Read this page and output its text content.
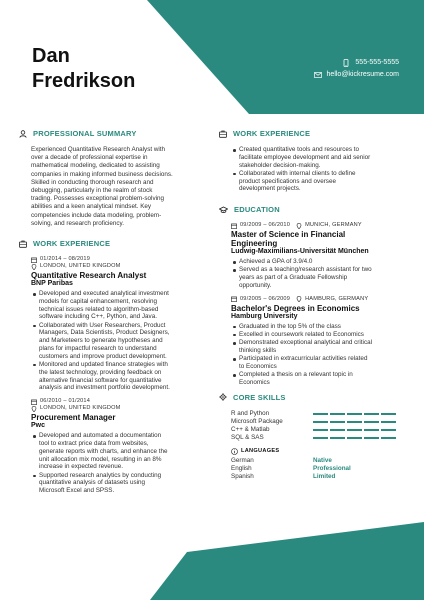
Dan
Fredrikson
555-555-5555
hello@kickresume.com
PROFESSIONAL SUMMARY

Experienced Quantitative Research Analyst with
over a decade of professional expertise in
mathematical modeling, dedicated to assisting
companies in making informed business decisions.
Skilled in conducting thorough research and
debugging, particularly in the realm of stock
trading. Possesses exceptional problem-solving
abilities and a keen analytical mindset. Key
competencies include data modeling, problem-
solving, and research proficiency.

WORK EXPERIENCE
01/2014 – 08/2019
LONDON, UNITED KINGDOM
Quantitative Research Analyst
BNP Paribas
Developed and executed analytical investment
models for capital enhancement, resolving
technical issues related to algorithm-based
software including C++, Python, and Java.
Collaborated with User Researchers, Product
Managers, Data Scientists, Product Designers,
and Marketeers to generate hypotheses and
plans for impactful research to understand
customers and improve product development.
Monitored and updated finance strategies with
the latest technology, providing feedback on
alternative financial software for quantitative
analysis and investment portfolio development.
06/2010 – 01/2014
LONDON, UNITED KINGDOM
Procurement Manager
Pwc
Developed and automated a documentation
tool to extract price data from websites,
generate reports with charts, and enhance the
unit allocation mix model, resulting in an 8%
increase in expected revenue.
Supported research analytics by conducting
quantitative analysis of datasets using
Microsoft Excel and SPSS.
WORK EXPERIENCE
Created quantitative tools and resources to
facilitate employee development and aid senior
stakeholder decision-making.
Collaborated with internal clients to define
product specifications and oversee
development projects.
EDUCATION
09/2009 – 06/2010	MUNICH, GERMANY
Master of Science in Financial
Engineering
Ludwig-Maximilians-Universität München
Achieved a GPA of 3.9/4.0
Served as a teaching/research assistant for two
years as part of a Graduate Fellowship
opportunity.
09/2005 – 06/2009	HAMBURG, GERMANY
Bachelor's Degrees in Economics
Hamburg University
Graduated in the top 5% of the class
Excelled in coursework related to Economics
Demonstrated exceptional analytical and critical
thinking skills
Participated in extracurricular activities related
to Economics
Completed a thesis on a relevant topic in
Economics
CORE SKILLS
R and Python
Microsoft Package
C++ & Matlab
SQL & SAS
LANGUAGES
German	Native
English	Professional
Spanish	Limited
